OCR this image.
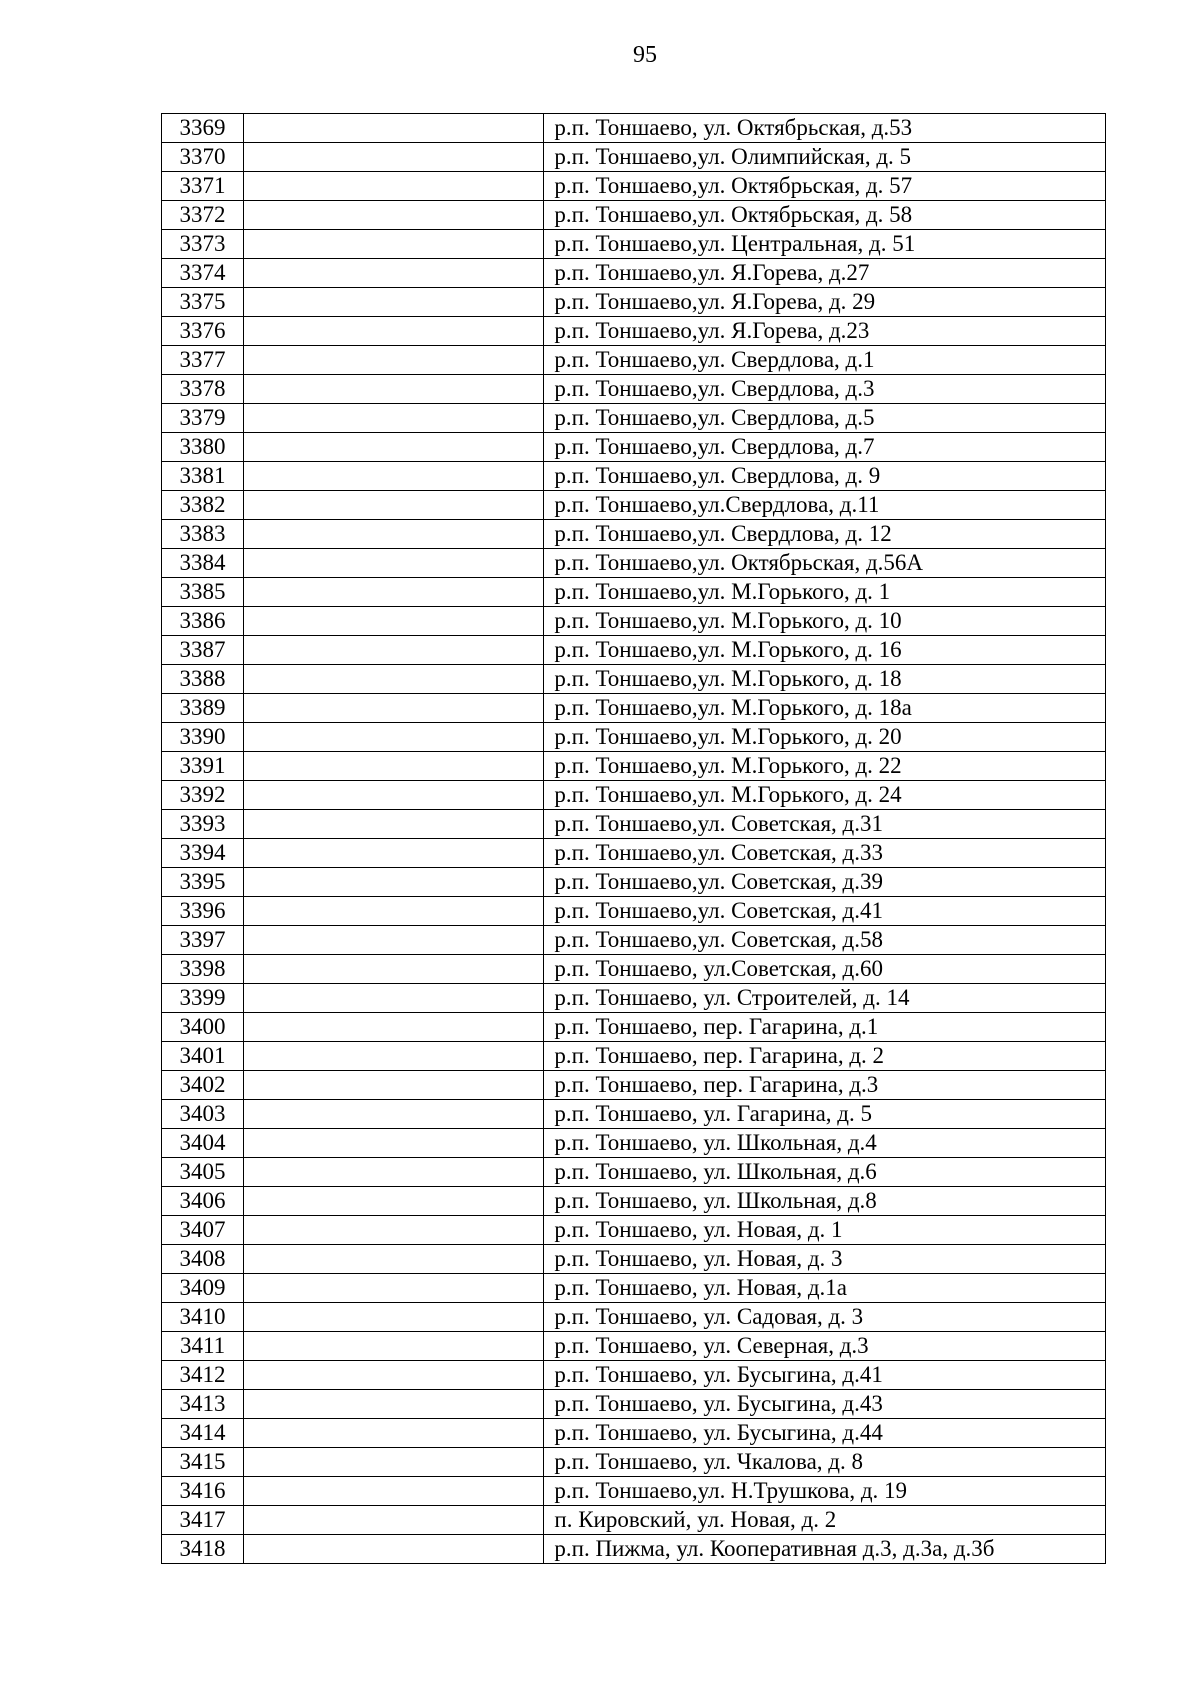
95
3369		р.п. Тоншаево, ул. Октябрьская, д.53
3370		р.п. Тоншаево,ул. Олимпийская, д. 5
3371		р.п. Тоншаево,ул. Октябрьская, д. 57
3372		р.п. Тоншаево,ул. Октябрьская, д. 58
3373		р.п. Тоншаево,ул. Центральная, д. 51
3374		р.п. Тоншаево,ул. Я.Горева, д.27
3375		р.п. Тоншаево,ул. Я.Горева, д. 29
3376		р.п. Тоншаево,ул. Я.Горева, д.23
3377		р.п. Тоншаево,ул. Свердлова, д.1
3378		р.п. Тоншаево,ул. Свердлова, д.3
3379		р.п. Тоншаево,ул. Свердлова, д.5
3380		р.п. Тоншаево,ул. Свердлова, д.7
3381		р.п. Тоншаево,ул. Свердлова, д. 9
3382		р.п. Тоншаево,ул.Свердлова, д.11
3383		р.п. Тоншаево,ул. Свердлова, д. 12
3384		р.п. Тоншаево,ул. Октябрьская, д.56А
3385		р.п. Тоншаево,ул. М.Горького, д. 1
3386		р.п. Тоншаево,ул. М.Горького, д. 10
3387		р.п. Тоншаево,ул. М.Горького, д. 16
3388		р.п. Тоншаево,ул. М.Горького, д. 18
3389		р.п. Тоншаево,ул. М.Горького, д. 18а
3390		р.п. Тоншаево,ул. М.Горького, д. 20
3391		р.п. Тоншаево,ул. М.Горького, д. 22
3392		р.п. Тоншаево,ул. М.Горького, д. 24
3393		р.п. Тоншаево,ул. Советская, д.31
3394		р.п. Тоншаево,ул. Советская, д.33
3395		р.п. Тоншаево,ул. Советская, д.39
3396		р.п. Тоншаево,ул. Советская, д.41
3397		р.п. Тоншаево,ул. Советская, д.58
3398		р.п. Тоншаево, ул.Советская, д.60
3399		р.п. Тоншаево, ул. Строителей, д. 14
3400		р.п. Тоншаево, пер. Гагарина, д.1
3401		р.п. Тоншаево, пер. Гагарина, д. 2
3402		р.п. Тоншаево, пер. Гагарина, д.3
3403		р.п. Тоншаево, ул. Гагарина, д. 5
3404		р.п. Тоншаево, ул. Школьная, д.4
3405		р.п. Тоншаево, ул. Школьная, д.6
3406		р.п. Тоншаево, ул. Школьная, д.8
3407		р.п. Тоншаево, ул. Новая, д. 1
3408		р.п. Тоншаево, ул. Новая, д. 3
3409		р.п. Тоншаево, ул. Новая, д.1а
3410		р.п. Тоншаево, ул. Садовая, д. 3
3411		р.п. Тоншаево, ул. Северная, д.3
3412		р.п. Тоншаево, ул. Бусыгина, д.41
3413		р.п. Тоншаево, ул. Бусыгина, д.43
3414		р.п. Тоншаево, ул. Бусыгина, д.44
3415		р.п. Тоншаево, ул. Чкалова, д. 8
3416		р.п. Тоншаево,ул. Н.Трушкова, д. 19
3417		п. Кировский, ул. Новая, д. 2
3418		р.п. Пижма, ул. Кооперативная д.3, д.3а, д.3б
